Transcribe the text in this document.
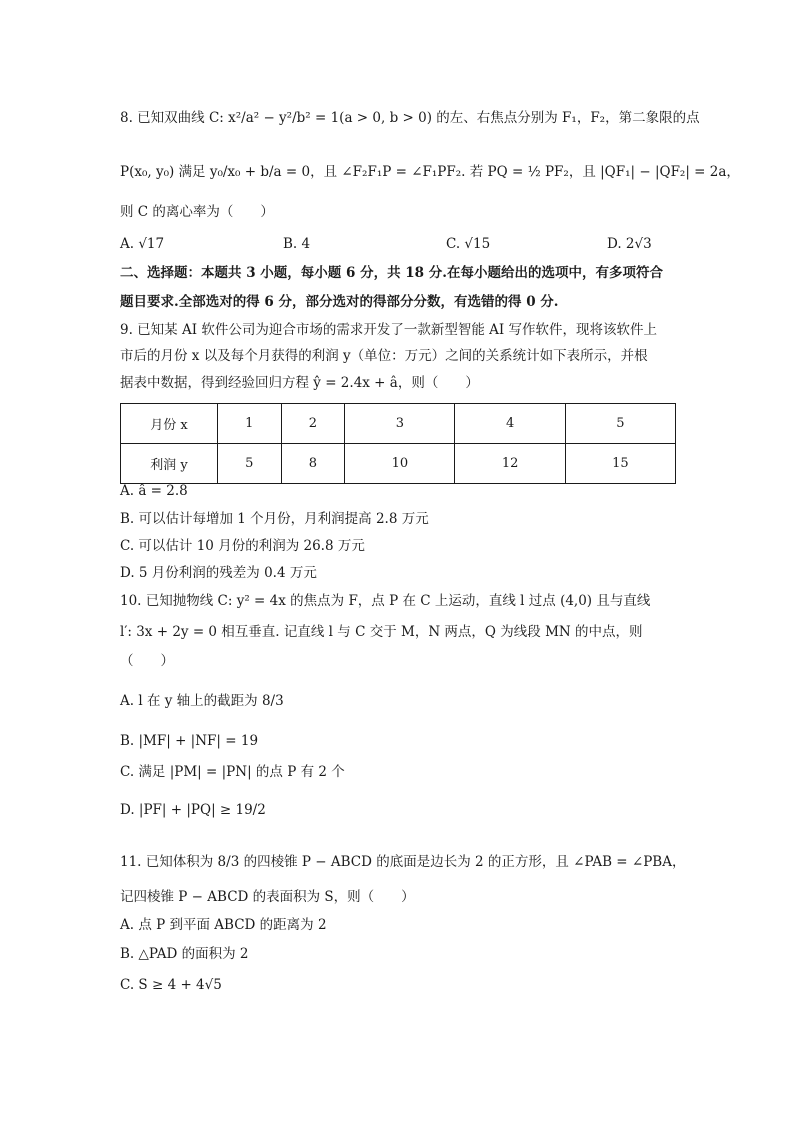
8. 已知双曲线 C: x²/a² − y²/b² = 1(a > 0, b > 0) 的左、右焦点分别为 F₁，F₂，第二象限的点
P(x₀, y₀) 满足 y₀/x₀ + b/a = 0，且 ∠F₂F₁P = ∠F₁PF₂. 若 PQ = ½ PF₂，且 |QF₁| − |QF₂| = 2a，
则 C 的离心率为（　　）
A. √17	B. 4	C. √15	D. 2√3
二、选择题：本题共 3 小题，每小题 6 分，共 18 分.在每小题给出的选项中，有多项符合
题目要求.全部选对的得 6 分，部分选对的得部分分数，有选错的得 0 分.
9. 已知某 AI 软件公司为迎合市场的需求开发了一款新型智能 AI 写作软件，现将该软件上
市后的月份 x 以及每个月获得的利润 y（单位：万元）之间的关系统计如下表所示，并根
据表中数据，得到经验回归方程 ŷ = 2.4x + â，则（　　）
月份 x	1	2	3	4	5
利润 y	5	8	10	12	15
A. â = 2.8
B. 可以估计每增加 1 个月份，月利润提高 2.8 万元
C. 可以估计 10 月份的利润为 26.8 万元
D. 5 月份利润的残差为 0.4 万元
10. 已知抛物线 C: y² = 4x 的焦点为 F，点 P 在 C 上运动，直线 l 过点 (4,0) 且与直线
l′: 3x + 2y = 0 相互垂直. 记直线 l 与 C 交于 M，N 两点，Q 为线段 MN 的中点，则
（　　）
A. l 在 y 轴上的截距为 8/3
B. |MF| + |NF| = 19
C. 满足 |PM| = |PN| 的点 P 有 2 个
D. |PF| + |PQ| ≥ 19/2
11. 已知体积为 8/3 的四棱锥 P − ABCD 的底面是边长为 2 的正方形，且 ∠PAB = ∠PBA，
记四棱锥 P − ABCD 的表面积为 S，则（　　）
A. 点 P 到平面 ABCD 的距离为 2
B. △PAD 的面积为 2
C. S ≥ 4 + 4√5
